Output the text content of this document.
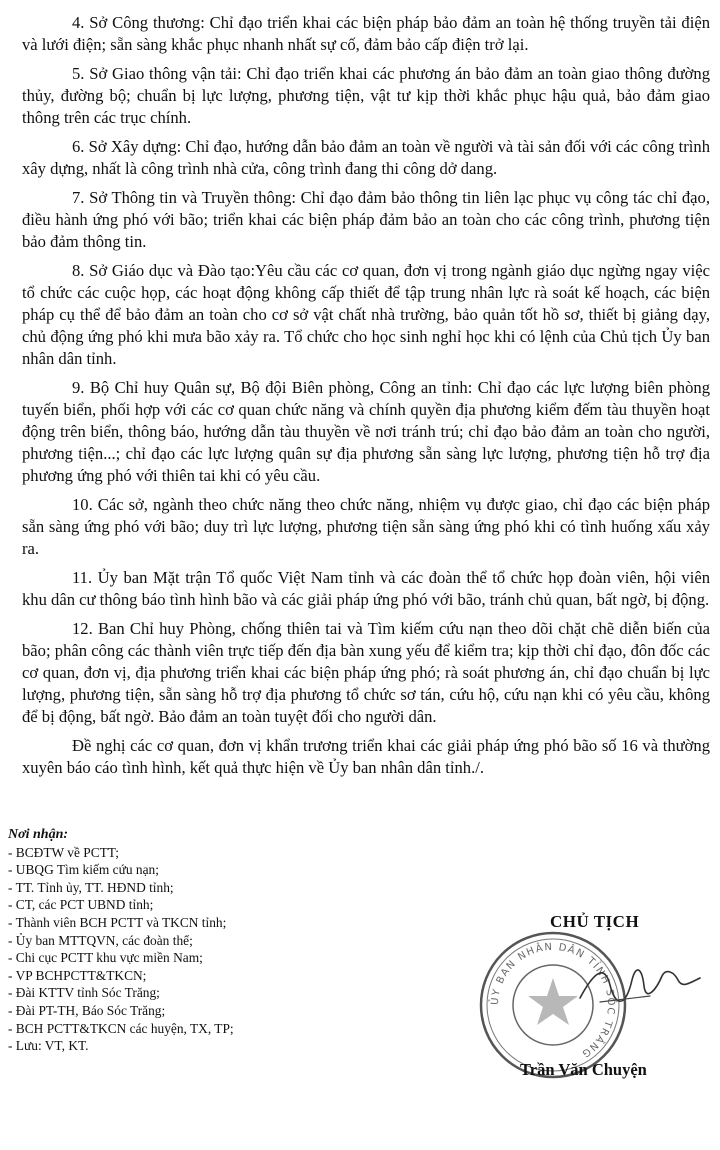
4. Sở Công thương: Chỉ đạo triển khai các biện pháp bảo đảm an toàn hệ thống truyền tải điện và lưới điện; sẵn sàng khắc phục nhanh nhất sự cố, đảm bảo cấp điện trở lại.

5. Sở Giao thông vận tải: Chỉ đạo triển khai các phương án bảo đảm an toàn giao thông đường thủy, đường bộ; chuẩn bị lực lượng, phương tiện, vật tư kịp thời khắc phục hậu quả, bảo đảm giao thông trên các trục chính.

6. Sở Xây dựng: Chỉ đạo, hướng dẫn bảo đảm an toàn về người và tài sản đối với các công trình xây dựng, nhất là công trình nhà cửa, công trình đang thi công dở dang.

7. Sở Thông tin và Truyền thông: Chỉ đạo đảm bảo thông tin liên lạc phục vụ công tác chỉ đạo, điều hành ứng phó với bão; triển khai các biện pháp đảm bảo an toàn cho các công trình, phương tiện bảo đảm thông tin.

8. Sở Giáo dục và Đào tạo:Yêu cầu các cơ quan, đơn vị trong ngành giáo dục ngừng ngay việc tổ chức các cuộc họp, các hoạt động không cấp thiết để tập trung nhân lực rà soát kế hoạch, các biện pháp cụ thể để bảo đảm an toàn cho cơ sở vật chất nhà trường, bảo quản tốt hồ sơ, thiết bị giảng dạy, chủ động ứng phó khi mưa bão xảy ra. Tổ chức cho học sinh nghỉ học khi có lệnh của Chủ tịch Ủy ban nhân dân tỉnh.

9. Bộ Chỉ huy Quân sự, Bộ đội Biên phòng, Công an tỉnh: Chỉ đạo các lực lượng biên phòng tuyến biển, phối hợp với các cơ quan chức năng và chính quyền địa phương kiểm đếm tàu thuyền hoạt động trên biển, thông báo, hướng dẫn tàu thuyền về nơi tránh trú; chỉ đạo bảo đảm an toàn cho người, phương tiện...; chỉ đạo các lực lượng quân sự địa phương sẵn sàng lực lượng, phương tiện hỗ trợ địa phương ứng phó với thiên tai khi có yêu cầu.

10. Các sở, ngành theo chức năng theo chức năng, nhiệm vụ được giao, chỉ đạo các biện pháp sẵn sàng ứng phó với bão; duy trì lực lượng, phương tiện sẵn sàng ứng phó khi có tình huống xấu xảy ra.

11. Ủy ban Mặt trận Tổ quốc Việt Nam tỉnh và các đoàn thể tổ chức họp đoàn viên, hội viên khu dân cư thông báo tình hình bão và các giải pháp ứng phó với bão, tránh chủ quan, bất ngờ, bị động.

12. Ban Chỉ huy Phòng, chống thiên tai và Tìm kiếm cứu nạn theo dõi chặt chẽ diễn biến của bão; phân công các thành viên trực tiếp đến địa bàn xung yếu để kiểm tra; kịp thời chỉ đạo, đôn đốc các cơ quan, đơn vị, địa phương triển khai các biện pháp ứng phó; rà soát phương án, chỉ đạo chuẩn bị lực lượng, phương tiện, sẵn sàng hỗ trợ địa phương tổ chức sơ tán, cứu hộ, cứu nạn khi có yêu cầu, không để bị động, bất ngờ. Bảo đảm an toàn tuyệt đối cho người dân.

Đề nghị các cơ quan, đơn vị khẩn trương triển khai các giải pháp ứng phó bão số 16 và thường xuyên báo cáo tình hình, kết quả thực hiện về Ủy ban nhân dân tỉnh./.

Nơi nhận:
- BCĐTW về PCTT;
- UBQG Tìm kiếm cứu nạn;
- TT. Tỉnh ủy, TT. HĐND tỉnh;
- CT, các PCT UBND tỉnh;
- Thành viên BCH PCTT và TKCN tỉnh;
- Ủy ban MTTQVN, các đoàn thể;
- Chi cục PCTT khu vực miền Nam;
- VP BCHPCTT&TKCN;
- Đài KTTV tỉnh Sóc Trăng;
- Đài PT-TH, Báo Sóc Trăng;
- BCH PCTT&TKCN các huyện, TX, TP;
- Lưu: VT, KT.
ỦY BAN NHÂN DÂN TỈNH SÓC TRĂNG
CHỦ TỊCH
Trần Văn Chuyện
